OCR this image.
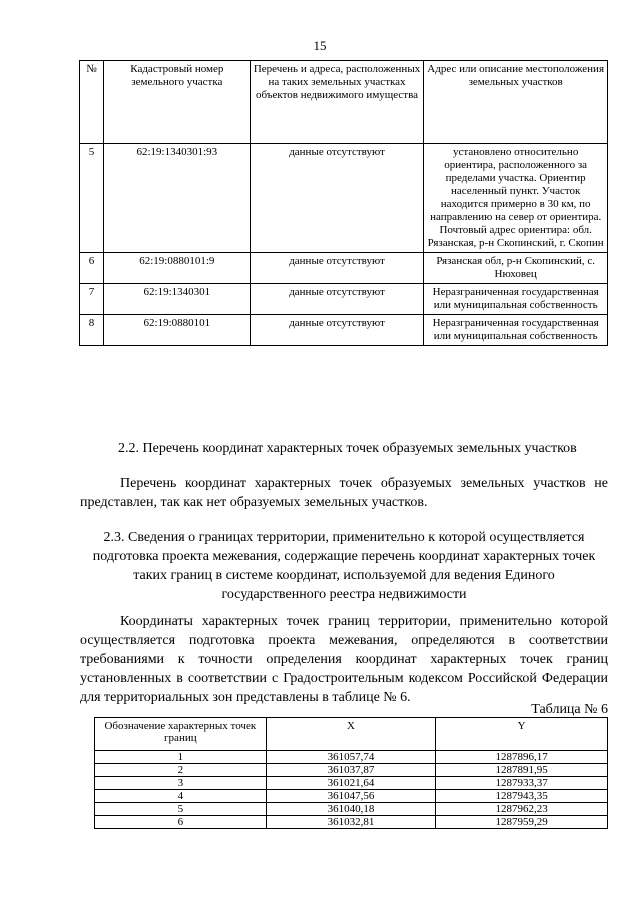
15
№	Кадастровый номер земельного участка	Перечень и адреса, расположенных на таких земельных участках объектов недвижимого имущества	Адрес или описание местоположения земельных участков
5	62:19:1340301:93	данные отсутствуют	установлено относительно ориентира, расположенного за пределами участка. Ориентир населенный пункт. Участок находится примерно в 30 км, по направлению на север от ориентира. Почтовый адрес ориентира: обл. Рязанская, р-н Скопинский, г. Скопин
6	62:19:0880101:9	данные отсутствуют	Рязанская обл, р-н Скопинский, с. Нюховец
7	62:19:1340301	данные отсутствуют	Неразграниченная государственная или муниципальная собственность
8	62:19:0880101	данные отсутствуют	Неразграниченная государственная или муниципальная собственность
2.2. Перечень координат характерных точек образуемых земельных участков
Перечень координат характерных точек образуемых земельных участков не представлен, так как нет образуемых земельных участков.
2.3. Сведения о границах территории, применительно к которой осуществляется подготовка проекта межевания, содержащие перечень координат характерных точек таких границ в системе координат, используемой для ведения Единого государственного реестра недвижимости
Координаты характерных точек границ территории, применительно которой осуществляется подготовка проекта межевания, определяются в соответствии требованиями к точности определения координат характерных точек границ установленных в соответствии с Градостроительным кодексом Российской Федерации для территориальных зон представлены в таблице № 6.
Таблица № 6
Обозначение характерных точек границ	X	Y
1	361057,74	1287896,17
2	361037,87	1287891,95
3	361021,64	1287933,37
4	361047,56	1287943,35
5	361040,18	1287962,23
6	361032,81	1287959,29
